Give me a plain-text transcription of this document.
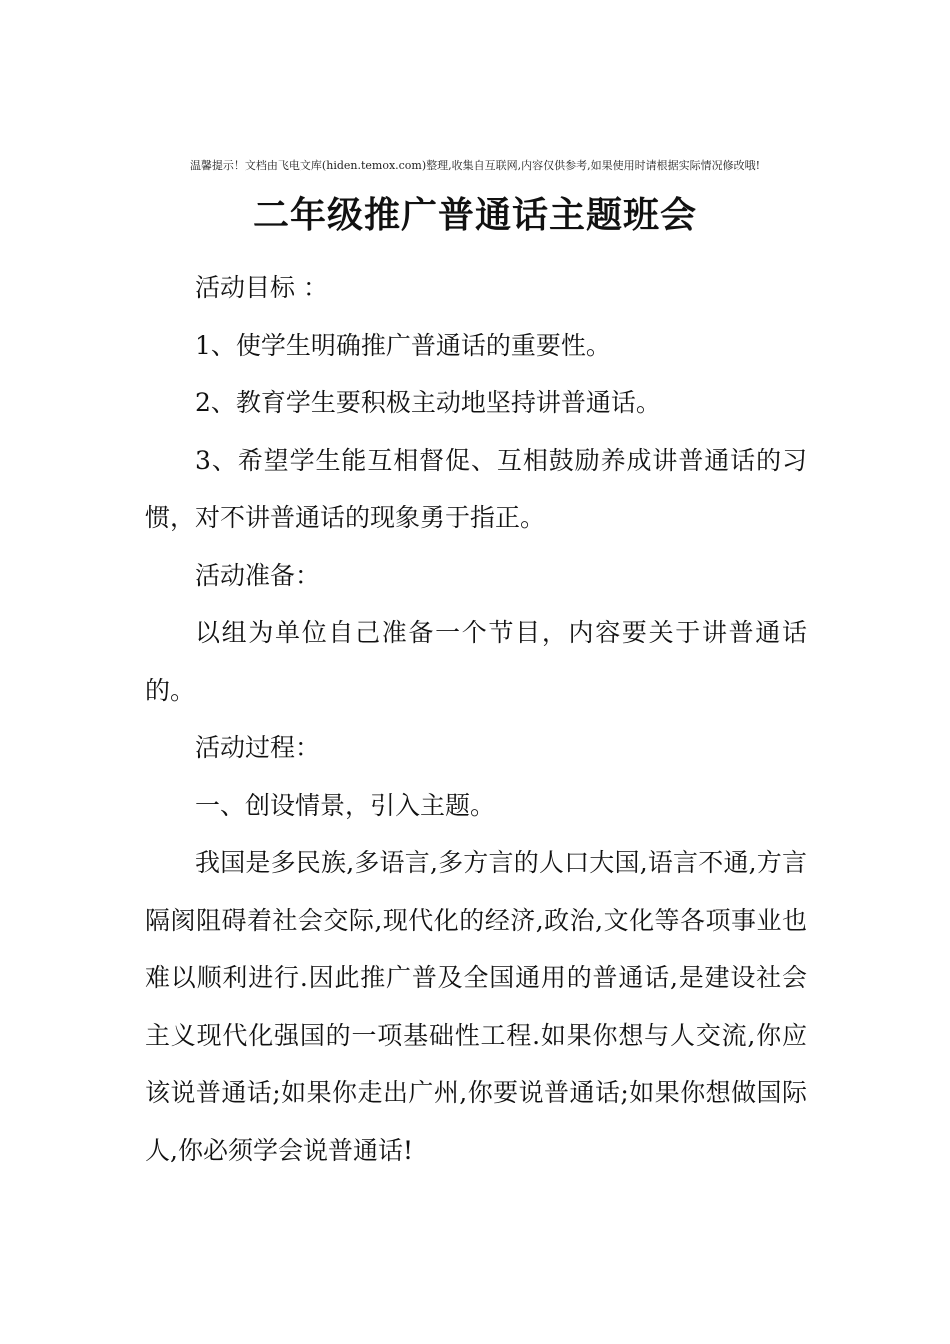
温馨提示！文档由飞电文库(hiden.temox.com)整理,收集自互联网,内容仅供参考,如果使用时请根据实际情况修改哦!
二年级推广普通话主题班会

活动目标 ：

1、使学生明确推广普通话的重要性。

2、教育学生要积极主动地坚持讲普通话。

3、希望学生能互相督促、互相鼓励养成讲普通话的习惯，对不讲普通话的现象勇于指正。

活动准备：

以组为单位自己准备一个节目，内容要关于讲普通话的。

活动过程：

一、创设情景，引入主题。

我国是多民族,多语言,多方言的人口大国,语言不通,方言隔阂阻碍着社会交际,现代化的经济,政治,文化等各项事业也难以顺利进行.因此推广普及全国通用的普通话,是建设社会主义现代化强国的一项基础性工程.如果你想与人交流,你应该说普通话;如果你走出广州,你要说普通话;如果你想做国际人,你必须学会说普通话!
